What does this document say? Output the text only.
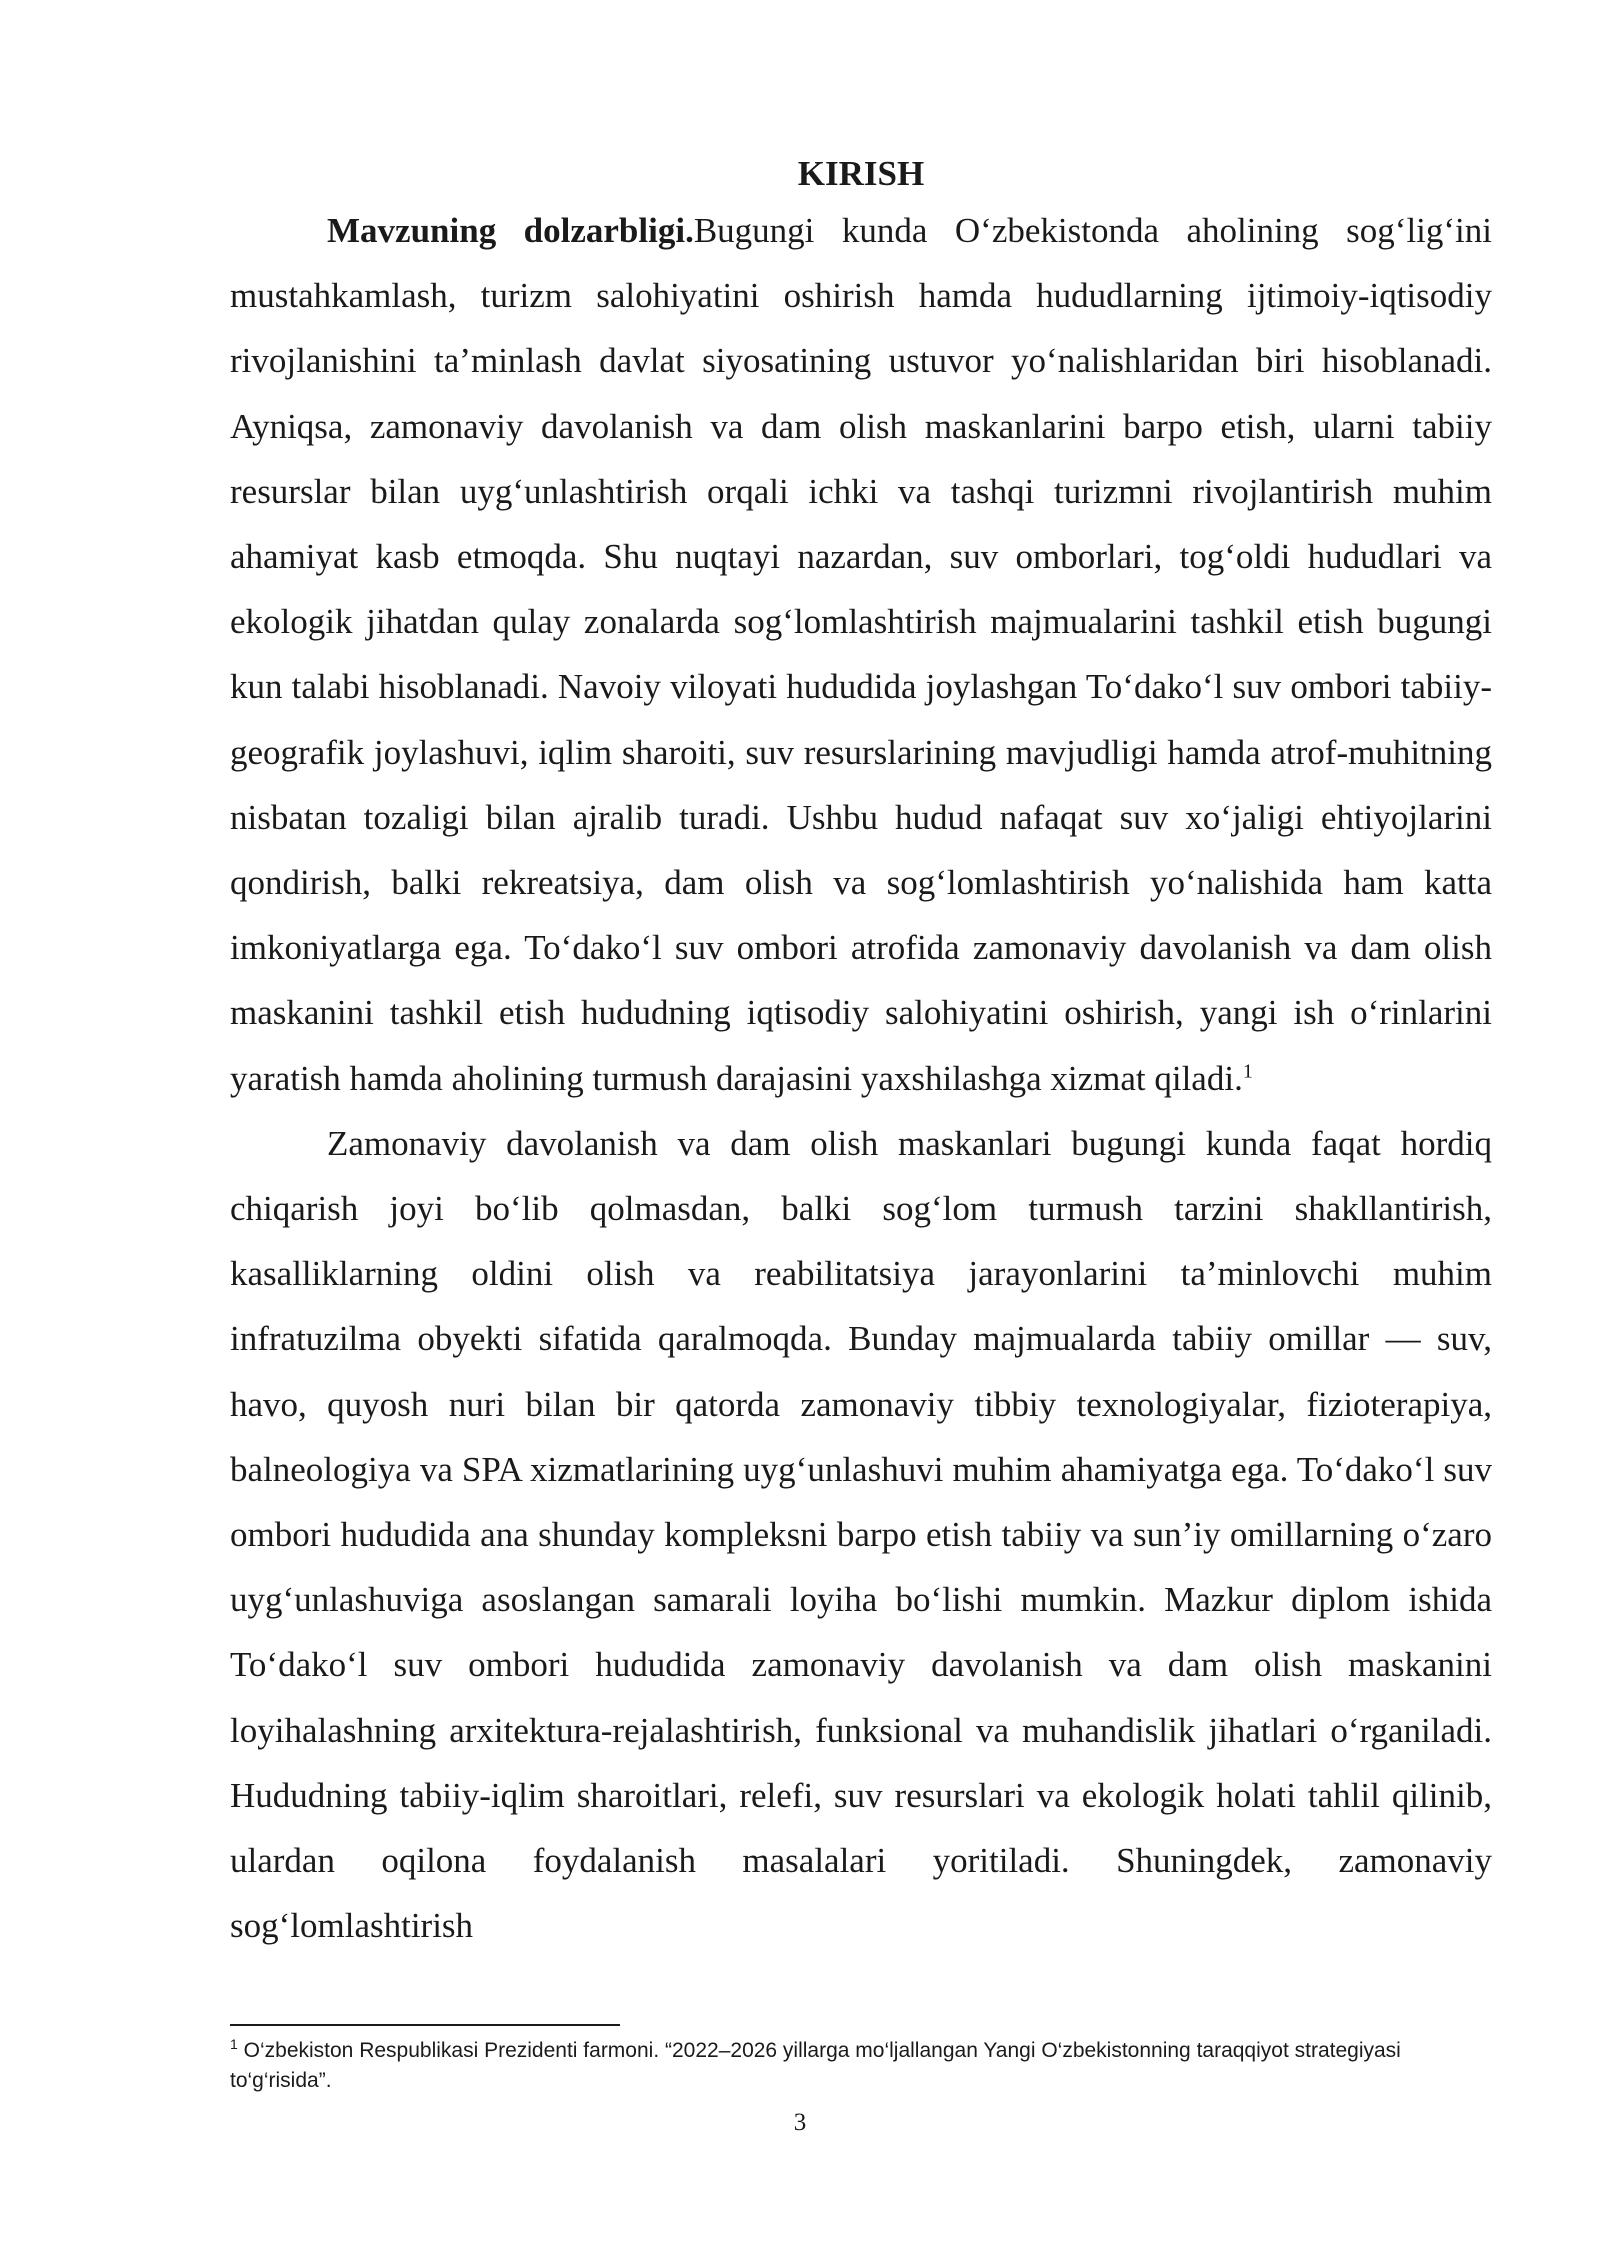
KIRISH

Mavzuning dolzarbligi.Bugungi kunda O‘zbekistonda aholining sog‘lig‘ini mustahkamlash, turizm salohiyatini oshirish hamda hududlarning ijtimoiy-iqtisodiy rivojlanishini ta’minlash davlat siyosatining ustuvor yo‘nalishlaridan biri hisoblanadi. Ayniqsa, zamonaviy davolanish va dam olish maskanlarini barpo etish, ularni tabiiy resurslar bilan uyg‘unlashtirish orqali ichki va tashqi turizmni rivojlantirish muhim ahamiyat kasb etmoqda. Shu nuqtayi nazardan, suv omborlari, tog‘oldi hududlari va ekologik jihatdan qulay zonalarda sog‘lomlashtirish majmualarini tashkil etish bugungi kun talabi hisoblanadi. Navoiy viloyati hududida joylashgan To‘dako‘l suv ombori tabiiy-geografik joylashuvi, iqlim sharoiti, suv resurslarining mavjudligi hamda atrof-muhitning nisbatan tozaligi bilan ajralib turadi. Ushbu hudud nafaqat suv xo‘jaligi ehtiyojlarini qondirish, balki rekreatsiya, dam olish va sog‘lomlashtirish yo‘nalishida ham katta imkoniyatlarga ega. To‘dako‘l suv ombori atrofida zamonaviy davolanish va dam olish maskanini tashkil etish hududning iqtisodiy salohiyatini oshirish, yangi ish o‘rinlarini yaratish hamda aholining turmush darajasini yaxshilashga xizmat qiladi.$^1$

Zamonaviy davolanish va dam olish maskanlari bugungi kunda faqat hordiq chiqarish joyi bo‘lib qolmasdan, balki sog‘lom turmush tarzini shakllantirish, kasalliklarning oldini olish va reabilitatsiya jarayonlarini ta’minlovchi muhim infratuzilma obyekti sifatida qaralmoqda. Bunday majmualarda tabiiy omillar — suv, havo, quyosh nuri bilan bir qatorda zamonaviy tibbiy texnologiyalar, fizioterapiya, balneologiya va SPA xizmatlarining uyg‘unlashuvi muhim ahamiyatga ega. To‘dako‘l suv ombori hududida ana shunday kompleksni barpo etish tabiiy va sun’iy omillarning o‘zaro uyg‘unlashuviga asoslangan samarali loyiha bo‘lishi mumkin. Mazkur diplom ishida To‘dako‘l suv ombori hududida zamonaviy davolanish va dam olish maskanini loyihalashning arxitektura-rejalashtirish, funksional va muhandislik jihatlari o‘rganiladi. Hududning tabiiy-iqlim sharoitlari, relefi, suv resurslari va ekologik holati tahlil qilinib, ulardan oqilona foydalanish masalalari yoritiladi. Shuningdek, zamonaviy sog‘lomlashtirish

$^1$ O‘zbekiston Respublikasi Prezidenti farmoni. “2022–2026 yillarga mo‘ljallangan Yangi O‘zbekistonning taraqqiyot strategiyasi to‘g‘risida”.

3
